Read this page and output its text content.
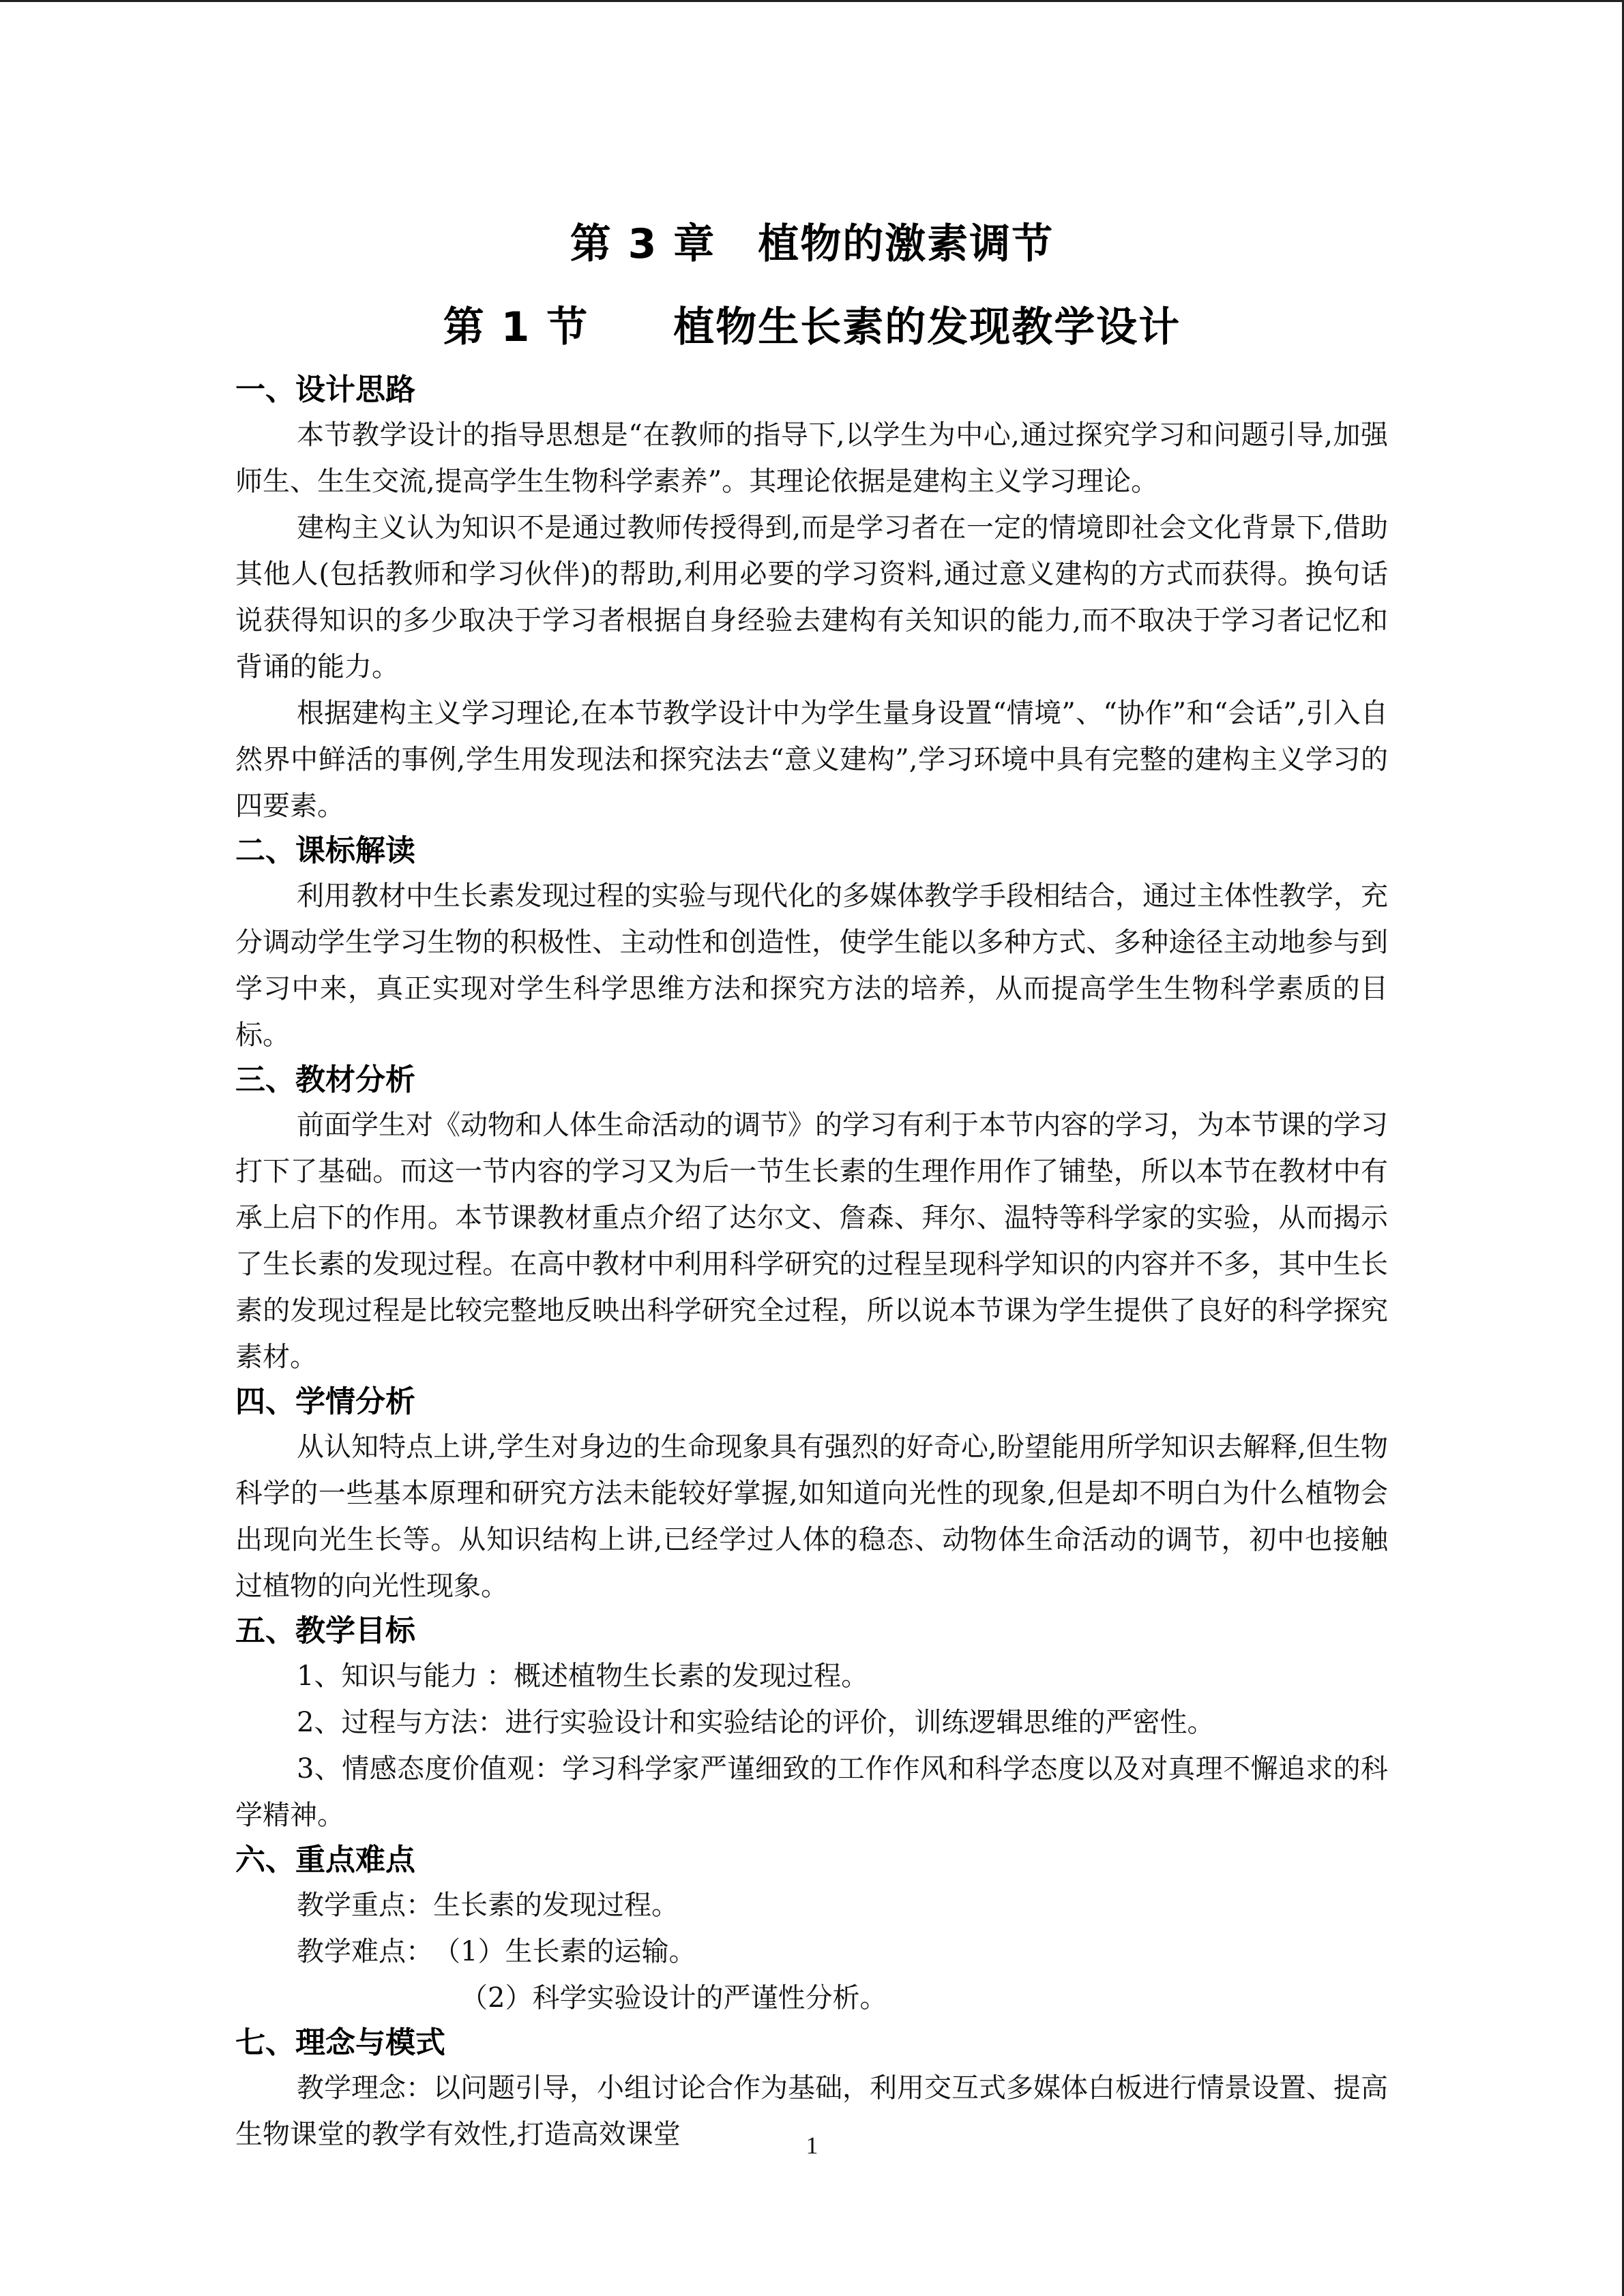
第 3 章　植物的激素调节
第 1 节　　植物生长素的发现教学设计
一、设计思路

本节教学设计的指导思想是“在教师的指导下,以学生为中心,通过探究学习和问题引导,加强师生、生生交流,提高学生生物科学素养”。其理论依据是建构主义学习理论。

建构主义认为知识不是通过教师传授得到,而是学习者在一定的情境即社会文化背景下,借助其他人(包括教师和学习伙伴)的帮助,利用必要的学习资料,通过意义建构的方式而获得。换句话说获得知识的多少取决于学习者根据自身经验去建构有关知识的能力,而不取决于学习者记忆和背诵的能力。

根据建构主义学习理论,在本节教学设计中为学生量身设置“情境”、“协作”和“会话”,引入自然界中鲜活的事例,学生用发现法和探究法去“意义建构”,学习环境中具有完整的建构主义学习的四要素。

二、课标解读

利用教材中生长素发现过程的实验与现代化的多媒体教学手段相结合，通过主体性教学，充分调动学生学习生物的积极性、主动性和创造性，使学生能以多种方式、多种途径主动地参与到学习中来，真正实现对学生科学思维方法和探究方法的培养，从而提高学生生物科学素质的目标。

三、教材分析

前面学生对《动物和人体生命活动的调节》的学习有利于本节内容的学习，为本节课的学习打下了基础。而这一节内容的学习又为后一节生长素的生理作用作了铺垫，所以本节在教材中有承上启下的作用。本节课教材重点介绍了达尔文、詹森、拜尔、温特等科学家的实验，从而揭示了生长素的发现过程。在高中教材中利用科学研究的过程呈现科学知识的内容并不多，其中生长素的发现过程是比较完整地反映出科学研究全过程，所以说本节课为学生提供了良好的科学探究素材。

四、学情分析

从认知特点上讲,学生对身边的生命现象具有强烈的好奇心,盼望能用所学知识去解释,但生物科学的一些基本原理和研究方法未能较好掌握,如知道向光性的现象,但是却不明白为什么植物会出现向光生长等。从知识结构上讲,已经学过人体的稳态、动物体生命活动的调节，初中也接触过植物的向光性现象。

五、教学目标

1、知识与能力 ：概述植物生长素的发现过程。

2、过程与方法：进行实验设计和实验结论的评价，训练逻辑思维的严密性。

3、情感态度价值观：学习科学家严谨细致的工作作风和科学态度以及对真理不懈追求的科学精神。

六、重点难点

教学重点：生长素的发现过程。

教学难点：　（1）生长素的运输。

（2）科学实验设计的严谨性分析。

七、理念与模式

教学理念：以问题引导，小组讨论合作为基础，利用交互式多媒体白板进行情景设置、提高生物课堂的教学有效性,打造高效课堂	1
